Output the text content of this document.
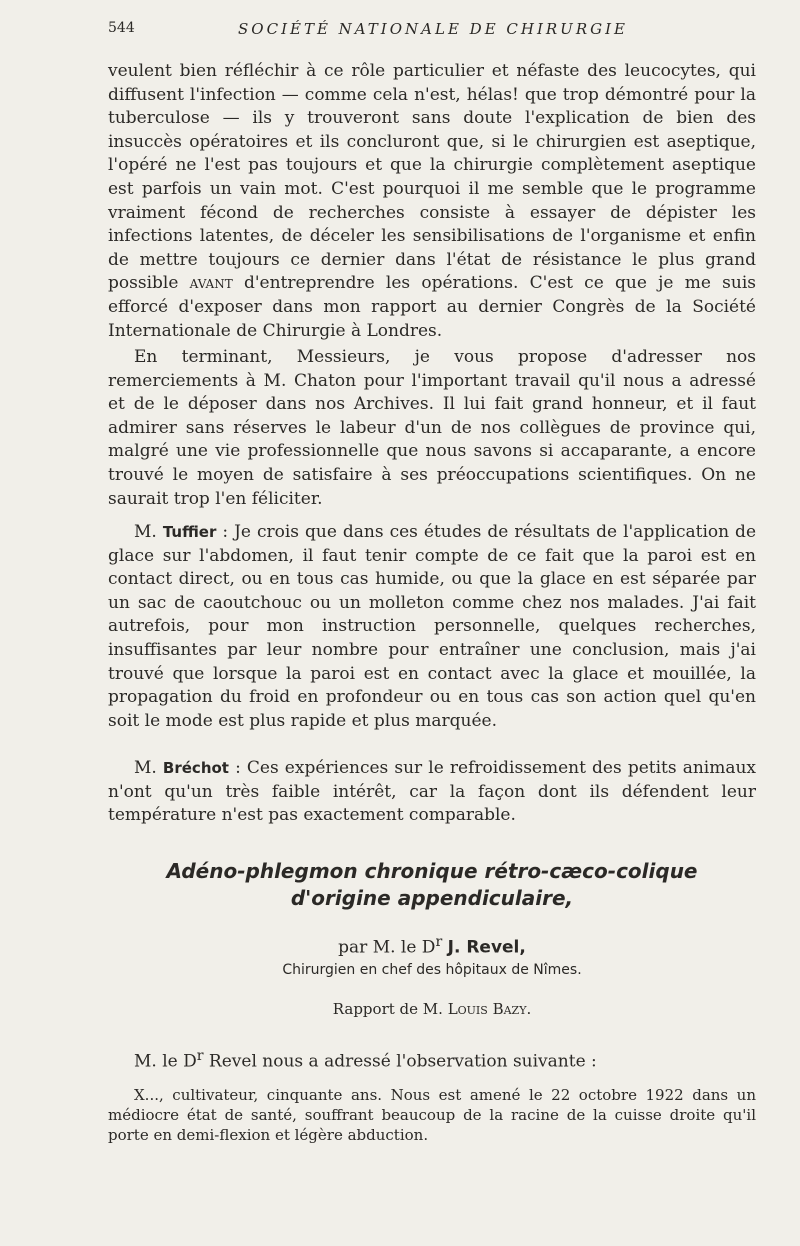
544	SOCIÉTÉ NATIONALE DE CHIRURGIE

veulent bien réfléchir à ce rôle particulier et néfaste des leucocytes, qui diffusent l'infection — comme cela n'est, hélas! que trop démontré pour la tuberculose — ils y trouveront sans doute l'explication de bien des insuccès opératoires et ils concluront que, si le chirurgien est aseptique, l'opéré ne l'est pas toujours et que la chirurgie complètement aseptique est parfois un vain mot. C'est pourquoi il me semble que le programme vraiment fécond de recherches consiste à essayer de dépister les infections latentes, de déceler les sensibilisations de l'organisme et enfin de mettre toujours ce dernier dans l'état de résistance le plus grand possible avant d'entreprendre les opérations. C'est ce que je me suis efforcé d'exposer dans mon rapport au dernier Congrès de la Société Internationale de Chirurgie à Londres.

En terminant, Messieurs, je vous propose d'adresser nos remerciements à M. Chaton pour l'important travail qu'il nous a adressé et de le déposer dans nos Archives. Il lui fait grand honneur, et il faut admirer sans réserves le labeur d'un de nos collègues de province qui, malgré une vie professionnelle que nous savons si accaparante, a encore trouvé le moyen de satisfaire à ses préoccupations scientifiques. On ne saurait trop l'en féliciter.

M. Tuffier : Je crois que dans ces études de résultats de l'application de glace sur l'abdomen, il faut tenir compte de ce fait que la paroi est en contact direct, ou en tous cas humide, ou que la glace en est séparée par un sac de caoutchouc ou un molleton comme chez nos malades. J'ai fait autrefois, pour mon instruction personnelle, quelques recherches, insuffisantes par leur nombre pour entraîner une conclusion, mais j'ai trouvé que lorsque la paroi est en contact avec la glace et mouillée, la propagation du froid en profondeur ou en tous cas son action quel qu'en soit le mode est plus rapide et plus marquée.

M. Bréchot : Ces expériences sur le refroidissement des petits animaux n'ont qu'un très faible intérêt, car la façon dont ils défendent leur température n'est pas exactement comparable.

Adéno-phlegmon chronique rétro-cæco-colique
d'origine appendiculaire,
par M. le $D^r$ J. Revel,
Chirurgien en chef des hôpitaux de Nîmes.
Rapport de M. Louis Bazy.

M. le $D^r$ Revel nous a adressé l'observation suivante :

X..., cultivateur, cinquante ans. Nous est amené le 22 octobre 1922 dans un médiocre état de santé, souffrant beaucoup de la racine de la cuisse droite qu'il porte en demi-flexion et légère abduction.
